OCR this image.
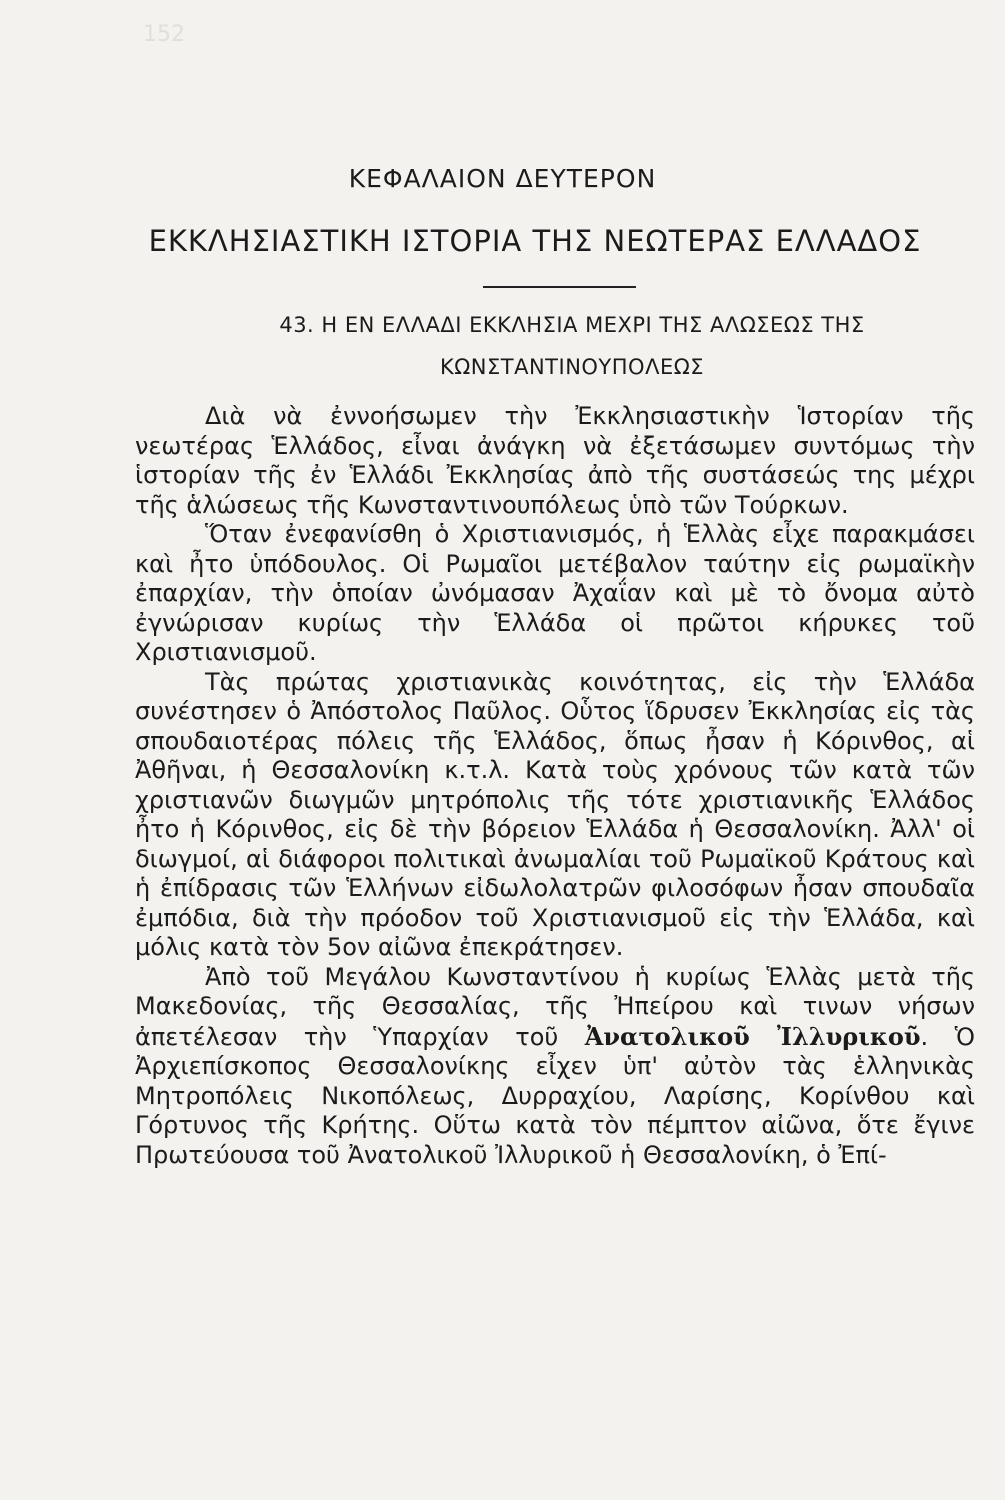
152
ΚΕΦΑΛΑΙΟΝ ΔΕΥΤΕΡΟΝ
ΕΚΚΛΗΣΙΑΣΤΙΚΗ ΙΣΤΟΡΙΑ ΤΗΣ ΝΕΩΤΕΡΑΣ ΕΛΛΑΔΟΣ
43. Η ΕΝ ΕΛΛΑΔΙ ΕΚΚΛΗΣΙΑ ΜΕΧΡΙ ΤΗΣ ΑΛΩΣΕΩΣ ΤΗΣ
ΚΩΝΣΤΑΝΤΙΝΟΥΠΟΛΕΩΣ

Διὰ νὰ ἐννοήσωμεν τὴν Ἐκκλησιαστικὴν Ἱστορίαν τῆς νεωτέρας Ἑλλάδος, εἶναι ἀνάγκη νὰ ἐξετάσωμεν συντόμως τὴν ἱστορίαν τῆς ἐν Ἑλλάδι Ἐκκλησίας ἀπὸ τῆς συστάσεώς της μέχρι τῆς ἁλώσεως τῆς Κωνσταντινουπόλεως ὑπὸ τῶν Τούρκων.

Ὅταν ἐνεφανίσθη ὁ Χριστιανισμός, ἡ Ἑλλὰς εἶχε παρακμάσει καὶ ἦτο ὑπόδουλος. Οἱ Ρωμαῖοι μετέβαλον ταύτην εἰς ρωμαϊκὴν ἐπαρχίαν, τὴν ὁποίαν ὠνόμασαν Ἀχαΐαν καὶ μὲ τὸ ὄνομα αὐτὸ ἐγνώρισαν κυρίως τὴν Ἑλλάδα οἱ πρῶτοι κήρυκες τοῦ Χριστιανισμοῦ.

Τὰς πρώτας χριστιανικὰς κοινότητας, εἰς τὴν Ἑλλάδα συνέστησεν ὁ Ἀπόστολος Παῦλος. Οὗτος ἵδρυσεν Ἐκκλησίας εἰς τὰς σπουδαιοτέρας πόλεις τῆς Ἑλλάδος, ὅπως ἦσαν ἡ Κόρινθος, αἱ Ἀθῆναι, ἡ Θεσσαλονίκη κ.τ.λ. Κατὰ τοὺς χρόνους τῶν κατὰ τῶν χριστιανῶν διωγμῶν μητρόπολις τῆς τότε χριστιανικῆς Ἑλλάδος ἦτο ἡ Κόρινθος, εἰς δὲ τὴν βόρειον Ἑλλάδα ἡ Θεσσαλονίκη. Ἀλλ' οἱ διωγμοί, αἱ διάφοροι πολιτικαὶ ἀνωμαλίαι τοῦ Ρωμαϊκοῦ Κράτους καὶ ἡ ἐπίδρασις τῶν Ἑλλήνων εἰδωλολατρῶν φιλοσόφων ἦσαν σπουδαῖα ἐμπόδια, διὰ τὴν πρόοδον τοῦ Χριστιανισμοῦ εἰς τὴν Ἑλλάδα, καὶ μόλις κατὰ τὸν 5ον αἰῶνα ἐπεκράτησεν.

Ἀπὸ τοῦ Μεγάλου Κωνσταντίνου ἡ κυρίως Ἑλλὰς μετὰ τῆς Μακεδονίας, τῆς Θεσσαλίας, τῆς Ἠπείρου καὶ τινων νήσων ἀπετέλεσαν τὴν Ὑπαρχίαν τοῦ Ἀνατολικοῦ Ἰλλυρικοῦ. Ὁ Ἀρχιεπίσκοπος Θεσσαλονίκης εἶχεν ὑπ' αὐτὸν τὰς ἑλληνικὰς Μητροπόλεις Νικοπόλεως, Δυρραχίου, Λαρίσης, Κορίνθου καὶ Γόρτυνος τῆς Κρήτης. Οὕτω κατὰ τὸν πέμπτον αἰῶνα, ὅτε ἔγινε Πρωτεύουσα τοῦ Ἀνατολικοῦ Ἰλλυρικοῦ ἡ Θεσσαλονίκη, ὁ Ἐπί-
